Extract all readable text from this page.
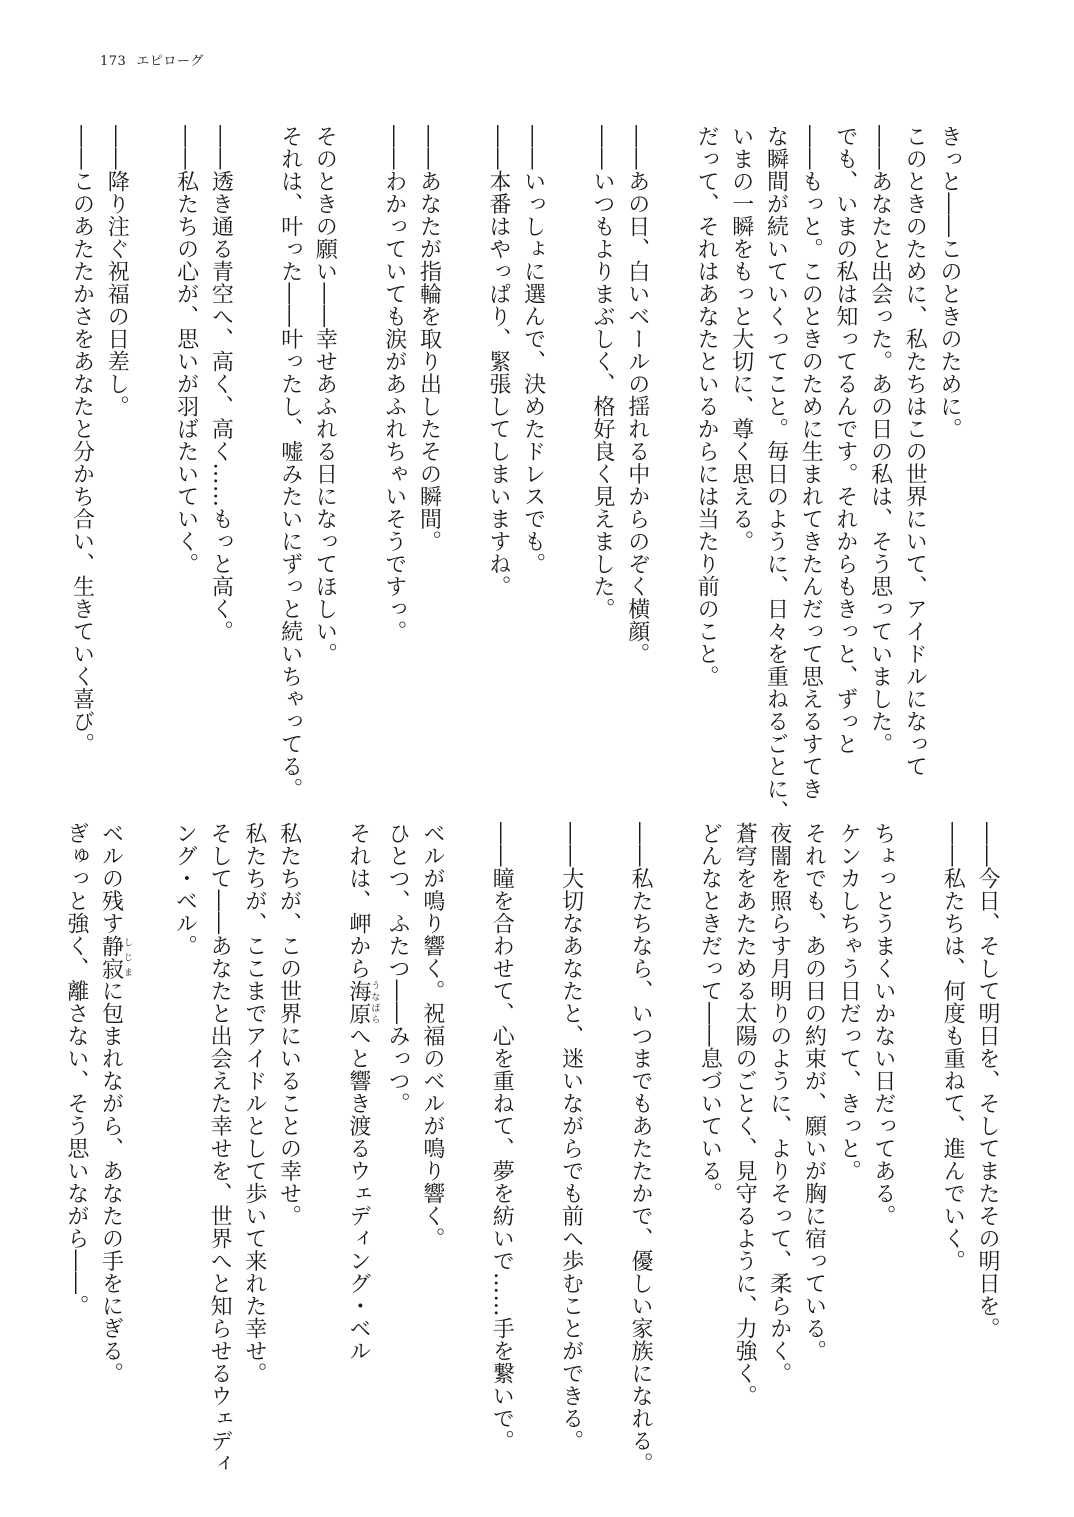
173 エピローグ
きっと――このときのために。
このときのために、私たちはこの世界にいて、アイドルになって
――あなたと出会った。あの日の私は、そう思っていました。
でも、いまの私は知ってるんです。それからもきっと、ずっと
――もっと。このときのために生まれてきたんだって思えるすてき
な瞬間が続いていくってこと。毎日のように、日々を重ねるごとに、
いまの一瞬をもっと大切に、尊く思える。
だって、それはあなたといるからには当たり前のこと。
――あの日、白いベールの揺れる中からのぞく横顔。
――いつもよりまぶしく、格好良く見えました。
――いっしょに選んで、決めたドレスでも。
――本番はやっぱり、緊張してしまいますね。
――あなたが指輪を取り出したその瞬間。
――わかっていても涙があふれちゃいそうですっ。
そのときの願い――幸せあふれる日になってほしい。
それは、叶った――叶ったし、嘘みたいにずっと続いちゃってる。
――透き通る青空へ、高く、高く……もっと高く。
――私たちの心が、思いが羽ばたいていく。
――降り注ぐ祝福の日差し。
――このあたたかさをあなたと分かち合い、生きていく喜び。
――今日、そして明日を、そしてまたその明日を。
――私たちは、何度も重ねて、進んでいく。
ちょっとうまくいかない日だってある。
ケンカしちゃう日だって、きっと。
それでも、あの日の約束が、願いが胸に宿っている。
夜闇を照らす月明りのように、よりそって、柔らかく。
蒼穹をあたためる太陽のごとく、見守るように、力強く。
どんなときだって――息づいている。
――私たちなら、いつまでもあたたかで、優しい家族になれる。
――大切なあなたと、迷いながらでも前へ歩むことができる。
――瞳を合わせて、心を重ねて、夢を紡いで……手を繋いで。
ベルが鳴り響く。祝福のベルが鳴り響く。
ひとつ、ふたつ――みっつ。
それは、岬から海原うなばらへと響き渡るウェディング・ベル
私たちが、この世界にいることの幸せ。
私たちが、ここまでアイドルとして歩いて来れた幸せ。
そして――あなたと出会えた幸せを、世界へと知らせるウェディ
ング・ベル。
ベルの残す静寂しじまに包まれながら、あなたの手をにぎる。
ぎゅっと強く、離さない、そう思いながら――。
